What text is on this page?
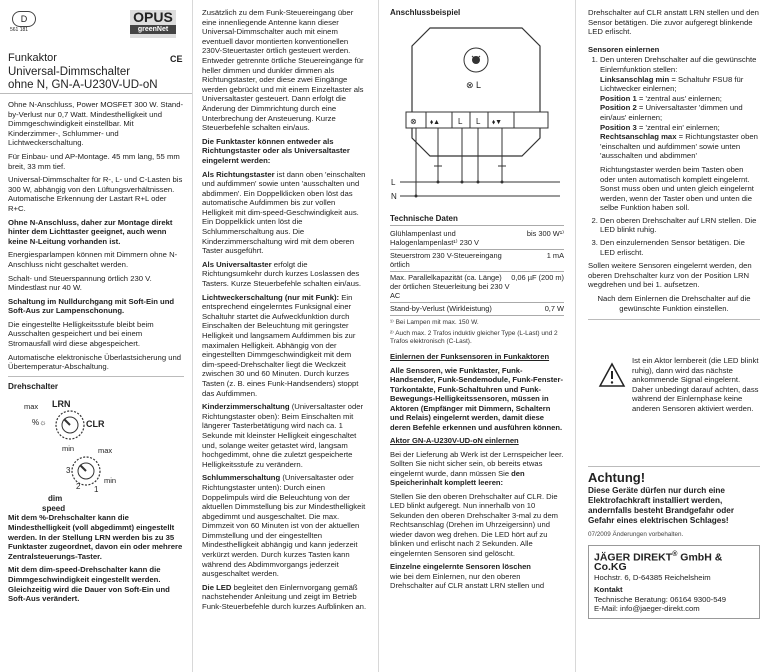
D
561 181
OPUS
greenNet
CE
Funkaktor
Universal-Dimmschalter
ohne N, GN-A-U230V-UD-oN

Ohne N-Anschluss, Power MOSFET 300 W. Stand-by-Verlust nur 0,7 Watt. Mindesthelligkeit und Dimmgeschwindigkeit einstellbar. Mit Kinderzimmer-, Schlummer- und Lichtweckerschaltung.

Für Einbau- und AP-Montage. 45 mm lang, 55 mm breit, 33 mm tief.

Universal-Dimmschalter für R-, L- und C-Lasten bis 300 W, abhängig von den Lüftungsverhältnissen. Automatische Erkennung der Lastart R+L oder R+C.

Ohne N-Anschluss, daher zur Montage direkt hinter dem Lichttaster geeignet, auch wenn keine N-Leitung vorhanden ist.

Energiesparlampen können mit Dimmern ohne N-Anschluss nicht geschaltet werden.

Schalt- und Steuerspannung örtlich 230 V. Mindestlast nur 40 W.

Schaltung im Nulldurchgang mit Soft-Ein und Soft-Aus zur Lampenschonung.

Die eingestellte Helligkeitsstufe bleibt beim Ausschalten gespeichert und bei einem Stromausfall wird diese abgespeichert.

Automatische elektronische Überlastsicherung und Übertemperatur-Abschaltung.

Drehschalter
%☼
max LRN
CLR
min	max
3
2 1
min
dim
speed

Mit dem %-Drehschalter kann die Mindesthelligkeit (voll abgedimmt) eingestellt werden. In der Stellung LRN werden bis zu 35 Funktaster zugeordnet, davon ein oder mehrere Zentralsteuerungs-Taster.

Mit dem dim-speed-Drehschalter kann die Dimmgeschwindigkeit eingestellt werden. Gleichzeitig wird die Dauer von Soft-Ein und Soft-Aus verändert.

Zusätzlich zu dem Funk-Steuereingang über eine innenliegende Antenne kann dieser Universal-Dimmschalter auch mit einem eventuell davor montierten konventionellen 230V-Steuertaster örtlich gesteuert werden. Entweder getrennte örtliche Steuereingänge für heller dimmen und dunkler dimmen als Richtungstaster, oder diese zwei Eingänge werden gebrückt und mit einem Einzeltaster als Universaltaster gesteuert. Dann erfolgt die Änderung der Dimmrichtung durch eine Unterbrechung der Ansteuerung. Kurze Steuerbefehle schalten ein/aus.

Die Funktaster können entweder als Richtungstaster oder als Universaltaster eingelernt werden:

Als Richtungstaster ist dann oben 'einschalten und aufdimmen' sowie unten 'ausschalten und abdimmen'. Ein Doppelklicken oben löst das automatische Aufdimmen bis zur vollen Helligkeit mit dim-speed-Geschwindigkeit aus. Ein Doppelklick unten löst die Schlummerschaltung aus. Die Kinderzimmerschaltung wird mit dem oberen Taster ausgeführt.

Als Universaltaster erfolgt die Richtungsumkehr durch kurzes Loslassen des Tasters. Kurze Steuerbefehle schalten ein/aus.

Lichtweckerschaltung (nur mit Funk): Ein entsprechend eingelerntes Funksignal einer Schaltuhr startet die Aufweckfunktion durch Einschalten der Beleuchtung mit geringster Helligkeit und langsamem Aufdimmen bis zur maximalen Helligkeit. Abhängig von der eingestellten Dimmgeschwindigkeit mit dem dim-speed-Drehschalter liegt die Weckzeit zwischen 30 und 60 Minuten. Durch kurzes Tasten (z. B. eines Funk-Handsenders) stoppt das Aufdimmen.

Kinderzimmerschaltung (Universaltaster oder Richtungstaster oben): Beim Einschalten mit längerer Tasterbetätigung wird nach ca. 1 Sekunde mit kleinster Helligkeit eingeschaltet und, solange weiter getastet wird, langsam hochgedimmt, ohne die zuletzt gespeicherte Helligkeitsstufe zu verändern.

Schlummerschaltung (Universaltaster oder Richtungstaster unten): Durch einen Doppelimpuls wird die Beleuchtung von der aktuellen Dimmstellung bis zur Mindesthelligkeit abgedimmt und ausgeschaltet. Die max. Dimmzeit von 60 Minuten ist von der aktuellen Dimmstellung und der eingestellten Mindesthelligkeit abhängig und kann jederzeit verkürzt werden. Durch kurzes Tasten kann während des Abdimmvorgangs jederzeit ausgeschaltet werden.

Die LED begleitet den Einlernvorgang gemäß nachstehender Anleitung und zeigt im Betrieb Funk-Steuerbefehle durch kurzes Aufblinken an.

Anschlussbeispiel
⊗ L
⊗ ⬧▲ L L ⬧▼
L
N
Technische Daten
Glühlampenlast und Halogenlampenlast¹⁾ 230 V	bis 300 W¹⁾
Steuerstrom 230 V-Steuereingang örtlich	1 mA
Max. Parallelkapazität (ca. Länge) der örtlichen Steuerleitung bei 230 V AC	0,06 µF (200 m)
Stand-by-Verlust (Wirkleistung)	0,7 W
¹⁾ Bei Lampen mit max. 150 W.
²⁾ Auch max. 2 Trafos induktiv gleicher Type (L-Last) und 2 Trafos elektronisch (C-Last).

Einlernen der Funksensoren in Funkaktoren

Alle Sensoren, wie Funktaster, Funk-Handsender, Funk-Sendemodule, Funk-Fenster-Türkontakte, Funk-Schaltuhren und Funk-Bewegungs-Helligkeitssensoren, müssen in Aktoren (Empfänger mit Dimmern, Schaltern und Relais) eingelernt werden, damit diese deren Befehle erkennen und ausführen können.

Aktor GN-A-U230V-UD-oN einlernen

Bei der Lieferung ab Werk ist der Lernspeicher leer. Sollten Sie nicht sicher sein, ob bereits etwas eingelernt wurde, dann müssen Sie den Speicherinhalt komplett leeren:

Stellen Sie den oberen Drehschalter auf CLR. Die LED blinkt aufgeregt. Nun innerhalb von 10 Sekunden den oberen Drehschalter 3-mal zu dem Rechtsanschlag (Drehen im Uhrzeigersinn) und wieder davon weg drehen. Die LED hört auf zu blinken und erlischt nach 2 Sekunden. Alle eingelernten Sensoren sind gelöscht.

Einzelne eingelernte Sensoren löschen

wie bei dem Einlernen, nur den oberen Drehschalter auf CLR anstatt LRN stellen und

Drehschalter auf CLR anstatt LRN stellen und den Sensor betätigen. Die zuvor aufgeregt blinkende LED erlischt.

Sensoren einlernen

1. Den unteren Drehschalter auf die gewünschte Einlernfunktion stellen:
Linksanschlag min = Schaltuhr FSU8 für Lichtwecker einlernen;
Position 1 = 'zentral aus' einlernen;
Position 2 = Universaltaster 'dimmen und ein/aus' einlernen;
Position 3 = 'zentral ein' einlernen;
Rechtsanschlag max = Richtungstaster oben 'einschalten und aufdimmen' sowie unten 'ausschalten und abdimmen'
Richtungstaster werden beim Tasten oben oder unten automatisch komplett eingelernt. Sonst muss oben und unten gleich eingelernt werden, wenn der Taster oben und unten die selbe Funktion haben soll.
2. Den oberen Drehschalter auf LRN stellen. Die LED blinkt ruhig.
3. Den einzulernenden Sensor betätigen. Die LED erlischt.

Sollen weitere Sensoren eingelernt werden, den oberen Drehschalter kurz von der Position LRN wegdrehen und bei 1. aufsetzen.

Nach dem Einlernen die Drehschalter auf die gewünschte Funktion einstellen.

Ist ein Aktor lernbereit (die LED blinkt ruhig), dann wird das nächste ankommende Signal eingelernt. Daher unbedingt darauf achten, dass während der Einlernphase keine anderen Sensoren aktiviert werden.
Achtung!

Diese Geräte dürfen nur durch eine Elektrofachkraft installiert werden, andernfalls besteht Brandgefahr oder Gefahr eines elektrischen Schlages!

07/2009 Änderungen vorbehalten.
JÄGER DIREKT® GmbH & Co.KG
Hochstr. 6, D-64385 Reichelsheim
Kontakt
Technische Beratung: 06164 9300-549
E-Mail: info@jaeger-direkt.com
